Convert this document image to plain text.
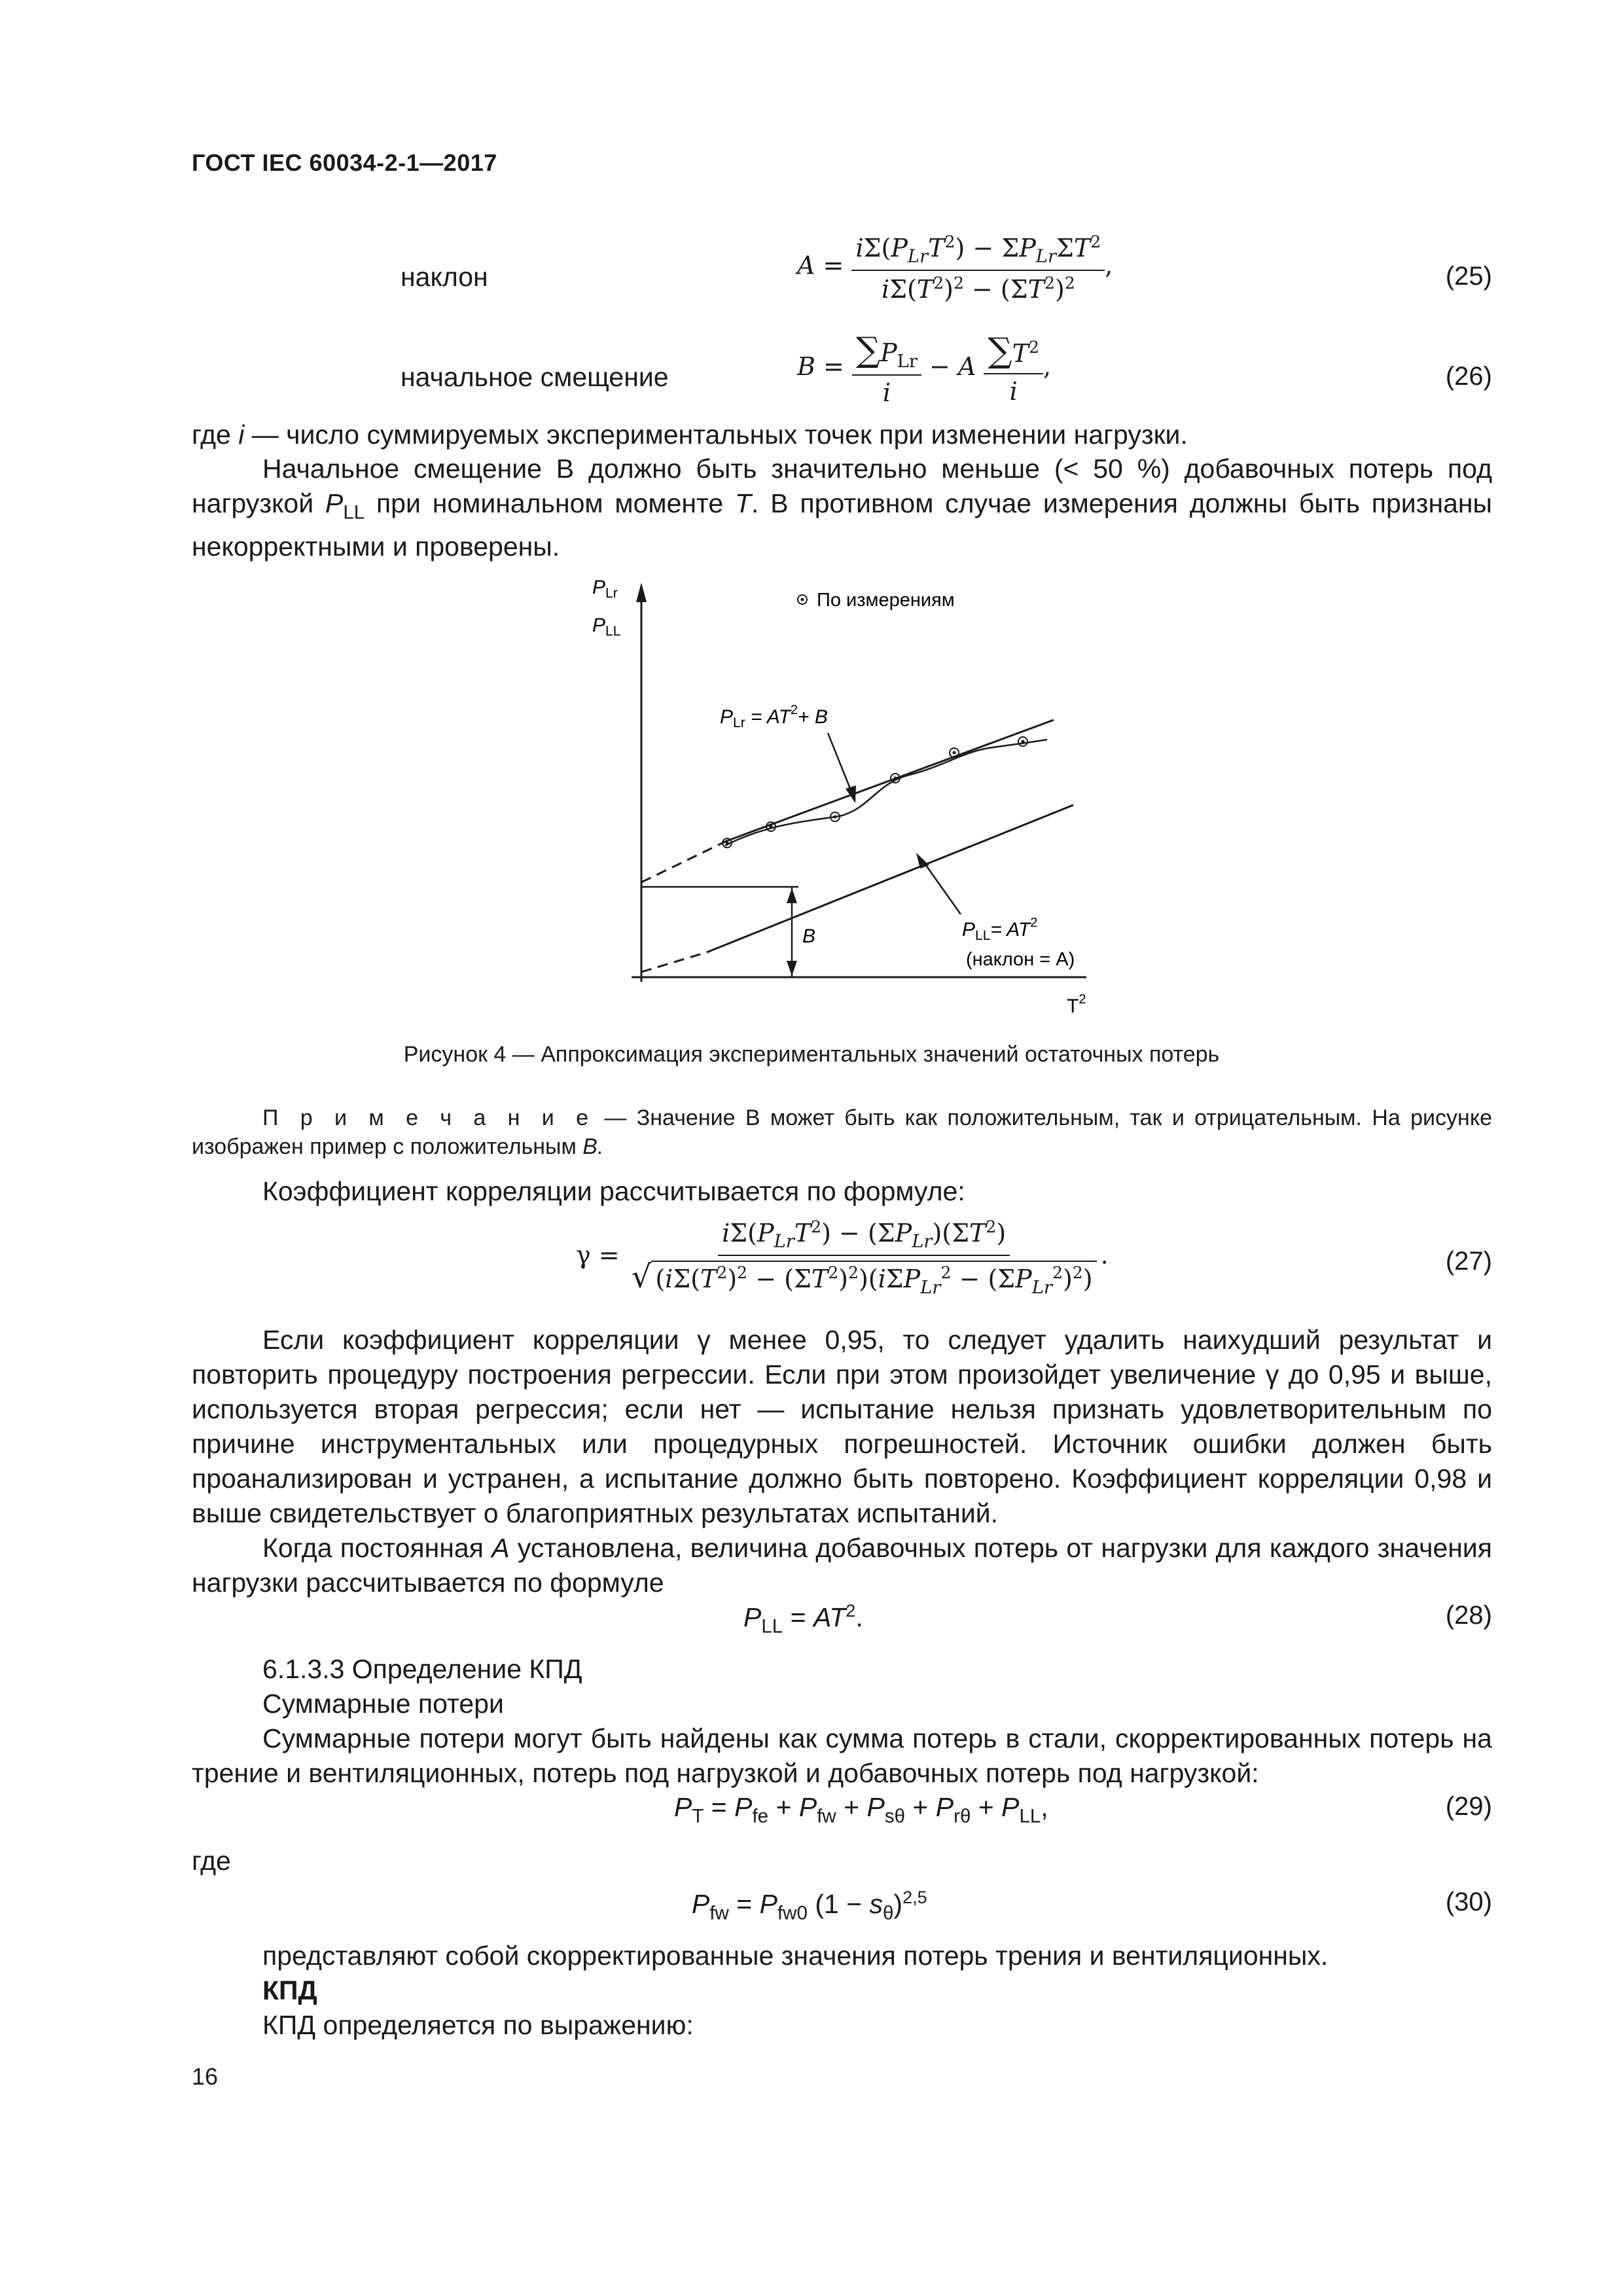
ГОСТ IEC 60034-2-1—2017
наклон	$A = \frac{i\Sigma(P_{Lr}T^2) - \Sigma P_{Lr}\Sigma T^2}{i\Sigma(T^2)^2 - (\Sigma T^2)^2}$ ,	(25)
начальное смещение	$B = \frac{\sum P_{Lr}}{i} - A \frac{\sum T^2}{i}$ ,	(26)
где i — число суммируемых экспериментальных точек при изменении нагрузки.
Начальное смещение B должно быть значительно меньше (< 50 %) добавочных потерь под нагрузкой $P_{LL}$ при номинальном моменте T. В противном случае измерения должны быть признаны некорректными и проверены.
$P_{Lr}$
$P_{LL}$
$T^2$
По измерениям
B
$P_{Lr} = AT^2+ B$
$P_{LL}= AT^2$
(наклон = A)
Рисунок 4 — Аппроксимация экспериментальных значений остаточных потерь
П р и м е ч а н и е — Значение B может быть как положительным, так и отрицательным. На рисунке изображен пример с положительным B.
Коэффициент корреляции рассчитывается по формуле:
$\gamma = \frac{i\Sigma(P_{Lr}T^2) - (\Sigma P_{Lr})(\Sigma T^2)}{√ (i\Sigma(T^2)^2 - (\Sigma T^2)^2)(i\Sigma P_{Lr}^2 - (\Sigma P_{Lr}^2)^2)}$ .	(27)
Если коэффициент корреляции γ менее 0,95, то следует удалить наихудший результат и повторить процедуру построения регрессии. Если при этом произойдет увеличение γ до 0,95 и выше, используется вторая регрессия; если нет — испытание нельзя признать удовлетворительным по причине инструментальных или процедурных погрешностей. Источник ошибки должен быть проанализирован и устранен, а испытание должно быть повторено. Коэффициент корреляции 0,98 и выше свидетельствует о благоприятных результатах испытаний.
Когда постоянная A установлена, величина добавочных потерь от нагрузки для каждого значения нагрузки рассчитывается по формуле
$P_{LL} = AT^2$.	(28)
6.1.3.3 Определение КПД
Суммарные потери
Суммарные потери могут быть найдены как сумма потерь в стали, скорректированных потерь на трение и вентиляционных, потерь под нагрузкой и добавочных потерь под нагрузкой:
$P_T = P_{fe} + P_{fw} + P_{s\theta} + P_{r\theta} + P_{LL}$,	(29)
где
$P_{fw} = P_{fw0}$ $(1 - s_\theta)^{2,5}$	(30)
представляют собой скорректированные значения потерь трения и вентиляционных.
КПД
КПД определяется по выражению:
16
